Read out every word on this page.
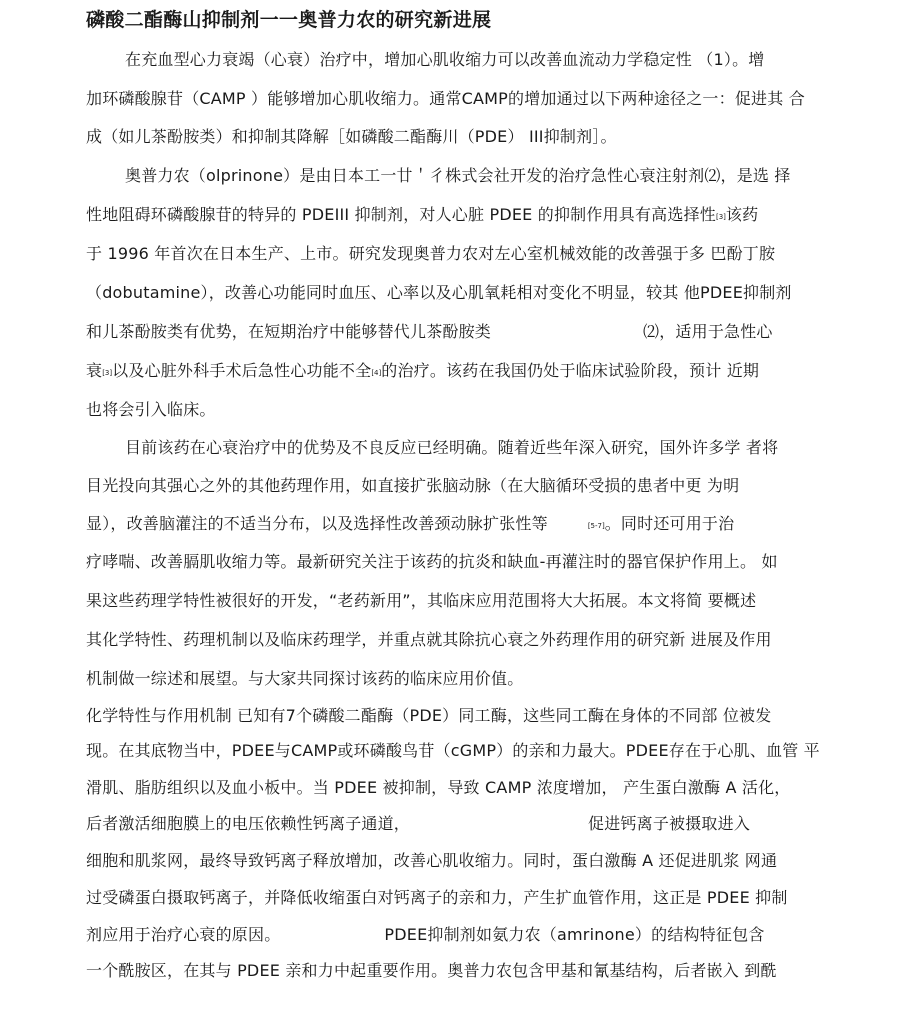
磷酸二酯酶山抑制剂一一奥普力农的研究新进展

在充血型心力衰竭（心衰）治疗中，增加心肌收缩力可以改善血流动力学稳定性 （1）。增

加环磷酸腺苷（CAMP ）能够增加心肌收缩力。通常CAMP的增加通过以下两种途径之一：促进其 合

成（如儿茶酚胺类）和抑制其降解［如磷酸二酯酶川（PDE） III抑制剂］。

奥普力农（olprinone）是由日本工一廿＇彳株式会社开发的治疗急性心衰注射剂⑵，是选 择

性地阻碍环磷酸腺苷的特异的 PDEIII 抑制剂，对人心脏 PDEE 的抑制作用具有高选择性[3]该药

于 1996 年首次在日本生产、上市。研究发现奥普力农对左心室机械效能的改善强于多 巴酚丁胺

（dobutamine），改善心功能同时血压、心率以及心肌氧耗相对变化不明显，较其 他PDEE抑制剂

和儿茶酚胺类有优势，在短期治疗中能够替代儿茶酚胺类	⑵，适用于急性心

衰[3]以及心脏外科手术后急性心功能不全[4]的治疗。该药在我国仍处于临床试验阶段，预计 近期

也将会引入临床。

目前该药在心衰治疗中的优势及不良反应已经明确。随着近些年深入研究，国外许多学 者将

目光投向其强心之外的其他药理作用，如直接扩张脑动脉（在大脑循环受损的患者中更 为明

显），改善脑灌注的不适当分布，以及选择性改善颈动脉扩张性等	[5-7]。同时还可用于治

疗哮喘、改善膈肌收缩力等。最新研究关注于该药的抗炎和缺血-再灌注时的器官保护作用上。 如

果这些药理学特性被很好的开发，“老药新用”，其临床应用范围将大大拓展。本文将简 要概述

其化学特性、药理机制以及临床药理学，并重点就其除抗心衰之外药理作用的研究新 进展及作用

机制做一综述和展望。与大家共同探讨该药的临床应用价值。

化学特性与作用机制 已知有7个磷酸二酯酶（PDE）同工酶，这些同工酶在身体的不同部 位被发

现。在其底物当中，PDEE与CAMP或环磷酸鸟苷（cGMP）的亲和力最大。PDEE存在于心肌、血管 平

滑肌、脂肪组织以及血小板中。当 PDEE 被抑制，导致 CAMP 浓度增加， 产生蛋白激酶 A 活化，

后者激活细胞膜上的电压依赖性钙离子通道，	促进钙离子被摄取进入

细胞和肌浆网，最终导致钙离子释放增加，改善心肌收缩力。同时，蛋白激酶 A 还促进肌浆 网通

过受磷蛋白摄取钙离子，并降低收缩蛋白对钙离子的亲和力，产生扩血管作用，这正是 PDEE 抑制

剂应用于治疗心衰的原因。	PDEE抑制剂如氨力农（amrinone）的结构特征包含

一个酰胺区，在其与 PDEE 亲和力中起重要作用。奥普力农包含甲基和氰基结构，后者嵌入 到酰
